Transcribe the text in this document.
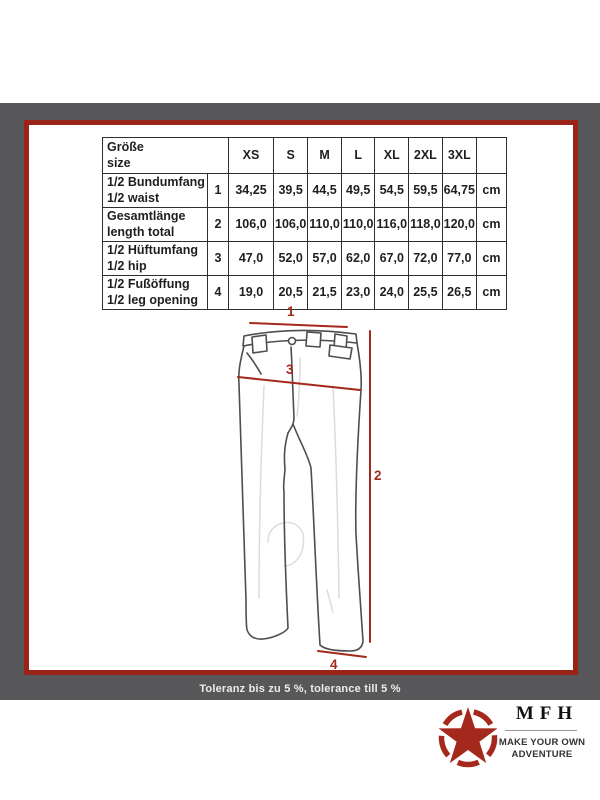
Größe
size		XS	S	M	L	XL	2XL	3XL	

1/2 Bundumfang
1/2 waist	1	34,25	39,5	44,5	49,5	54,5	59,5	64,75	cm

Gesamtlänge
length total	2	106,0	106,0	110,0	110,0	116,0	118,0	120,0	cm

1/2 Hüftumfang
1/2 hip	3	47,0	52,0	57,0	62,0	67,0	72,0	77,0	cm

1/2 Fußöffung
1/2 leg opening	4	19,0	20,5	21,5	23,0	24,0	25,5	26,5	cm
MFH
MAKE YOUR OWN
ADVENTURE
Toleranz bis zu 5 %, tolerance till 5 %
1
2
3
4
